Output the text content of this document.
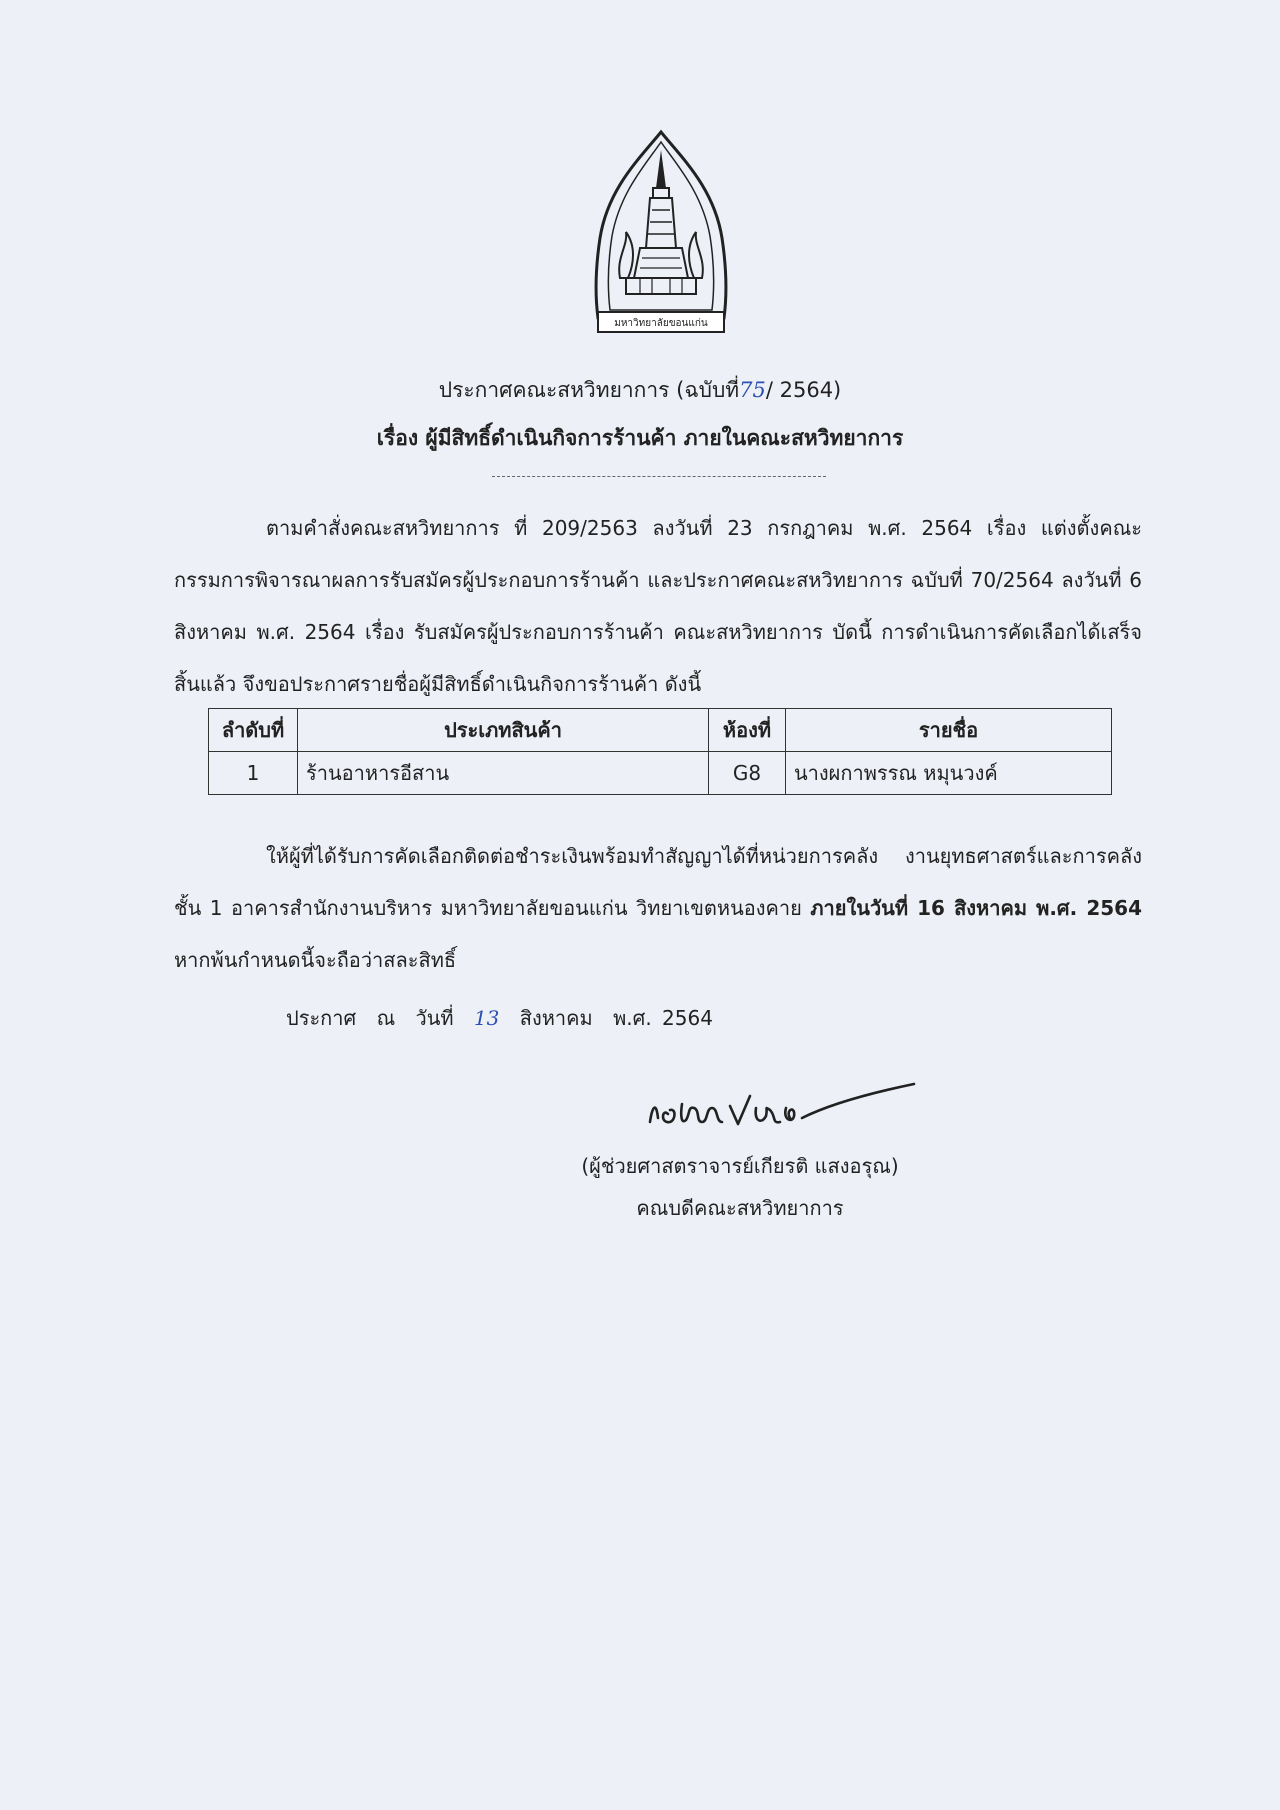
มหาวิทยาลัยขอนแก่น
ประกาศคณะสหวิทยาการ (ฉบับที่75/ 2564)
เรื่อง ผู้มีสิทธิ์ดำเนินกิจการร้านค้า ภายในคณะสหวิทยาการ
ตามคำสั่งคณะสหวิทยาการ ที่ 209/2563 ลงวันที่ 23 กรกฎาคม พ.ศ. 2564 เรื่อง แต่งตั้งคณะกรรมการพิจารณาผลการรับสมัครผู้ประกอบการร้านค้า และประกาศคณะสหวิทยาการ ฉบับที่ 70/2564 ลงวันที่ 6 สิงหาคม พ.ศ. 2564 เรื่อง รับสมัครผู้ประกอบการร้านค้า คณะสหวิทยาการ บัดนี้ การดำเนินการคัดเลือกได้เสร็จสิ้นแล้ว จึงขอประกาศรายชื่อผู้มีสิทธิ์ดำเนินกิจการร้านค้า ดังนี้
ลำดับที่	ประเภทสินค้า	ห้องที่	รายชื่อ
1	ร้านอาหารอีสาน	G8	นางผกาพรรณ หมุนวงค์
ให้ผู้ที่ได้รับการคัดเลือกติดต่อชำระเงินพร้อมทำสัญญาได้ที่หน่วยการคลัง งานยุทธศาสตร์และการคลัง ชั้น 1 อาคารสำนักงานบริหาร มหาวิทยาลัยขอนแก่น วิทยาเขตหนองคาย ภายในวันที่ 16 สิงหาคม พ.ศ. 2564 หากพ้นกำหนดนี้จะถือว่าสละสิทธิ์
ประกาศ ณ วันที่ 13 สิงหาคม พ.ศ. 2564
(ผู้ช่วยศาสตราจารย์เกียรติ แสงอรุณ)
คณบดีคณะสหวิทยาการ
